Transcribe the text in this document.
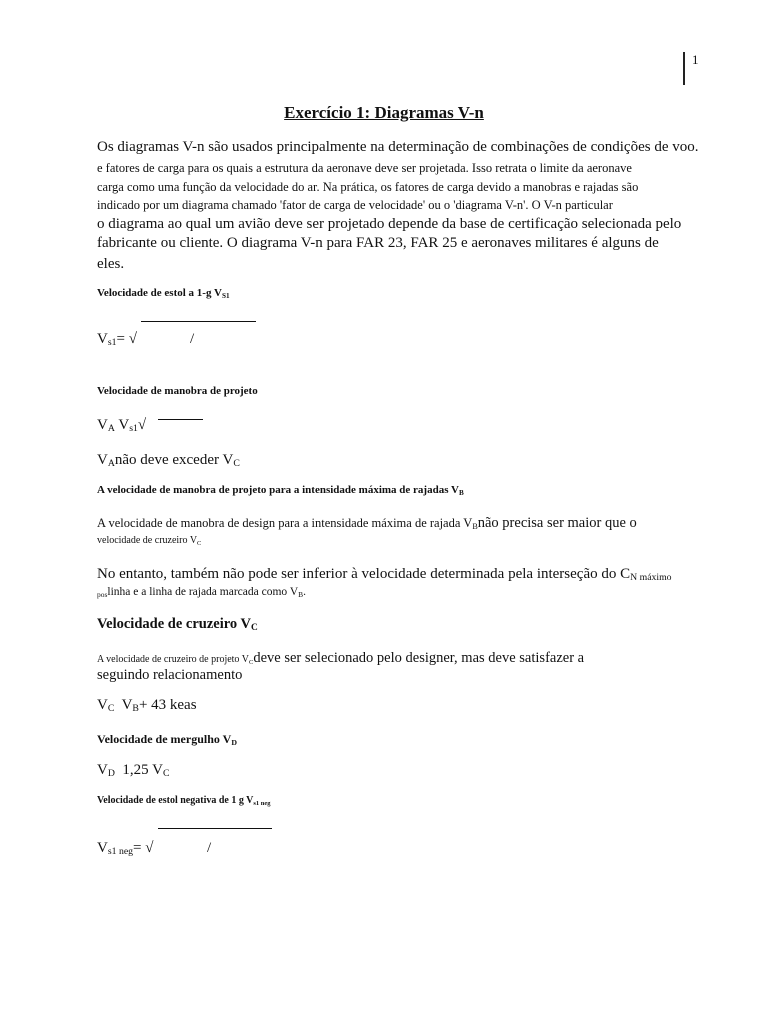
1
Exercício 1: Diagramas V-n
Os diagramas V-n são usados principalmente na determinação de combinações de condições de voo.
e fatores de carga para os quais a estrutura da aeronave deve ser projetada. Isso retrata o limite da aeronave
carga como uma função da velocidade do ar. Na prática, os fatores de carga devido a manobras e rajadas são
indicado por um diagrama chamado 'fator de carga de velocidade' ou o 'diagrama V-n'. O V-n particular
o diagrama ao qual um avião deve ser projetado depende da base de certificação selecionada pelo
fabricante ou cliente. O diagrama V-n para FAR 23, FAR 25 e aeronaves militares é alguns de
eles.
Velocidade de estol a 1-g $V_{S1}$
$V_{s1}=$ √	/
Velocidade de manobra de projeto
$V_A$ $V_{s1}√$
$V_Anão$ deve exceder $V_C$
A velocidade de manobra de projeto para a intensidade máxima de rajadas $V_B$
A velocidade de manobra de design para a intensidade máxima de rajada $V_Bnão$ precisa ser maior que o
velocidade de cruzeiro $V_C$
No entanto, também não pode ser inferior à velocidade determinada pela interseção do $C_{N máximo}$
$_{pos}$linha e a linha de rajada marcada como $V_B$.
Velocidade de cruzeiro $V_C$
A velocidade de cruzeiro de projeto $V_Cdeve$ ser selecionado pelo designer, mas deve satisfazer a
seguindo relacionamento
$V_C$  $V_B+ 43$ keas
Velocidade de mergulho $V_D$
$V_D$  1,25 $V_C$
Velocidade de estol negativa de 1 g $V_{s1 neg}$
$V_{s1 neg}=$ √	/
